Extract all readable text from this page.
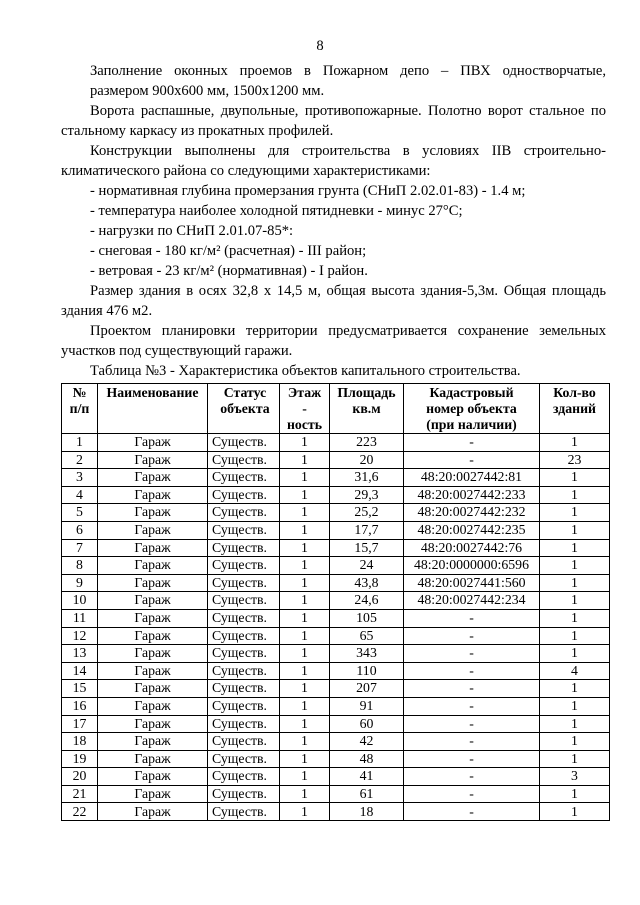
8

Заполнение оконных проемов в Пожарном депо – ПВХ одностворчатые,

размером 900х600 мм, 1500х1200 мм.

Ворота распашные, двупольные, противопожарные. Полотно ворот стальное по стальному каркасу из прокатных профилей.

Конструкции выполнены для строительства в условиях IIВ строительно-климатического района со следующими характеристиками:

- нормативная глубина промерзания грунта (СНиП 2.02.01-83) - 1.4 м;

- температура наиболее холодной пятидневки - минус 27°С;

- нагрузки по СНиП 2.01.07-85*:

- снеговая - 180 кг/м² (расчетная) - III район;

- ветровая - 23 кг/м² (нормативная) - I район.

Размер здания в осях 32,8 х 14,5 м, общая высота здания-5,3м. Общая площадь здания 476 м2.

Проектом планировки территории предусматривается сохранение земельных участков под существующий гаражи.

Таблица №3 - Характеристика объектов капитального строительства.

№
п/п	Наименование	Статус
объекта	Этаж
-
ность	Площадь
кв.м	Кадастровый
номер объекта
(при наличии)	Кол-во
зданий
1	Гараж	Существ.	1	223	-	1
2	Гараж	Существ.	1	20	-	23
3	Гараж	Существ.	1	31,6	48:20:0027442:81	1
4	Гараж	Существ.	1	29,3	48:20:0027442:233	1
5	Гараж	Существ.	1	25,2	48:20:0027442:232	1
6	Гараж	Существ.	1	17,7	48:20:0027442:235	1
7	Гараж	Существ.	1	15,7	48:20:0027442:76	1
8	Гараж	Существ.	1	24	48:20:0000000:6596	1
9	Гараж	Существ.	1	43,8	48:20:0027441:560	1
10	Гараж	Существ.	1	24,6	48:20:0027442:234	1
11	Гараж	Существ.	1	105	-	1
12	Гараж	Существ.	1	65	-	1
13	Гараж	Существ.	1	343	-	1
14	Гараж	Существ.	1	110	-	4
15	Гараж	Существ.	1	207	-	1
16	Гараж	Существ.	1	91	-	1
17	Гараж	Существ.	1	60	-	1
18	Гараж	Существ.	1	42	-	1
19	Гараж	Существ.	1	48	-	1
20	Гараж	Существ.	1	41	-	3
21	Гараж	Существ.	1	61	-	1
22	Гараж	Существ.	1	18	-	1
